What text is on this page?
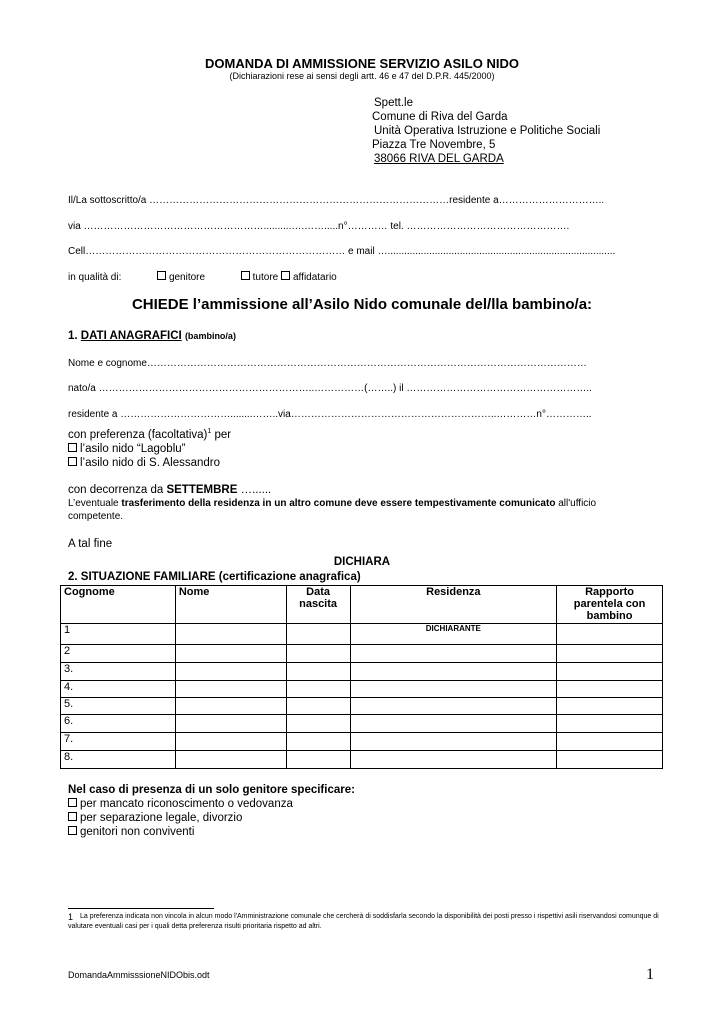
DOMANDA DI AMMISSIONE SERVIZIO ASILO NIDO
(Dichiarazioni rese ai sensi degli artt. 46 e 47 del D.P.R. 445/2000)
Spett.le
Comune di Riva del Garda
Unità Operativa Istruzione e Politiche Sociali
Piazza Tre Novembre, 5
38066 RIVA DEL GARDA
Il/La sottoscritto/a ………………………………………………………………………………residente a…………………………..
via ………………………………………………..........….…….....n°………… tel. ………………………………………….
Cell…………………………………………………………………… e mail …..................................................................................
in qualità di:	genitore	tutore affidatario
CHIEDE l’ammissione all’Asilo Nido comunale del/lla bambino/a:
1. DATI ANAGRAFICI (bambino/a)
Nome e cognome……………………………………………………………………………………………………………………
nato/a ………………………………………………………..……………(……..) il ………………………………………………..
residente a ……………………………........……..via……………………………………………………..…………n°…………..
con preferenza (facoltativa)$^1$ per
l’asilo nido “Lagoblu”
l’asilo nido di S. Alessandro
con decorrenza da SETTEMBRE …......
L’eventuale trasferimento della residenza in un altro comune deve essere tempestivamente comunicato all'ufficio
competente.
A tal fine
DICHIARA
2. SITUAZIONE FAMILIARE (certificazione anagrafica)
Cognome	Nome	Data nascita	Residenza	Rapporto parentela con bambino
1			DICHIARANTE	
2				
3.				
4.				
5.				
6.				
7.				
8.				
Nel caso di presenza di un solo genitore specificare:
per mancato riconoscimento o vedovanza
per separazione legale, divorzio
genitori non conviventi
1 La preferenza indicata non vincola in alcun modo l'Amministrazione comunale che cercherà di soddisfarla secondo la disponibilità dei posti presso i rispettivi asili riservandosi comunque di valutare eventuali casi per i quali detta preferenza risulti prioritaria rispetto ad altri.
DomandaAmmisssioneNIDObis.odt	1
